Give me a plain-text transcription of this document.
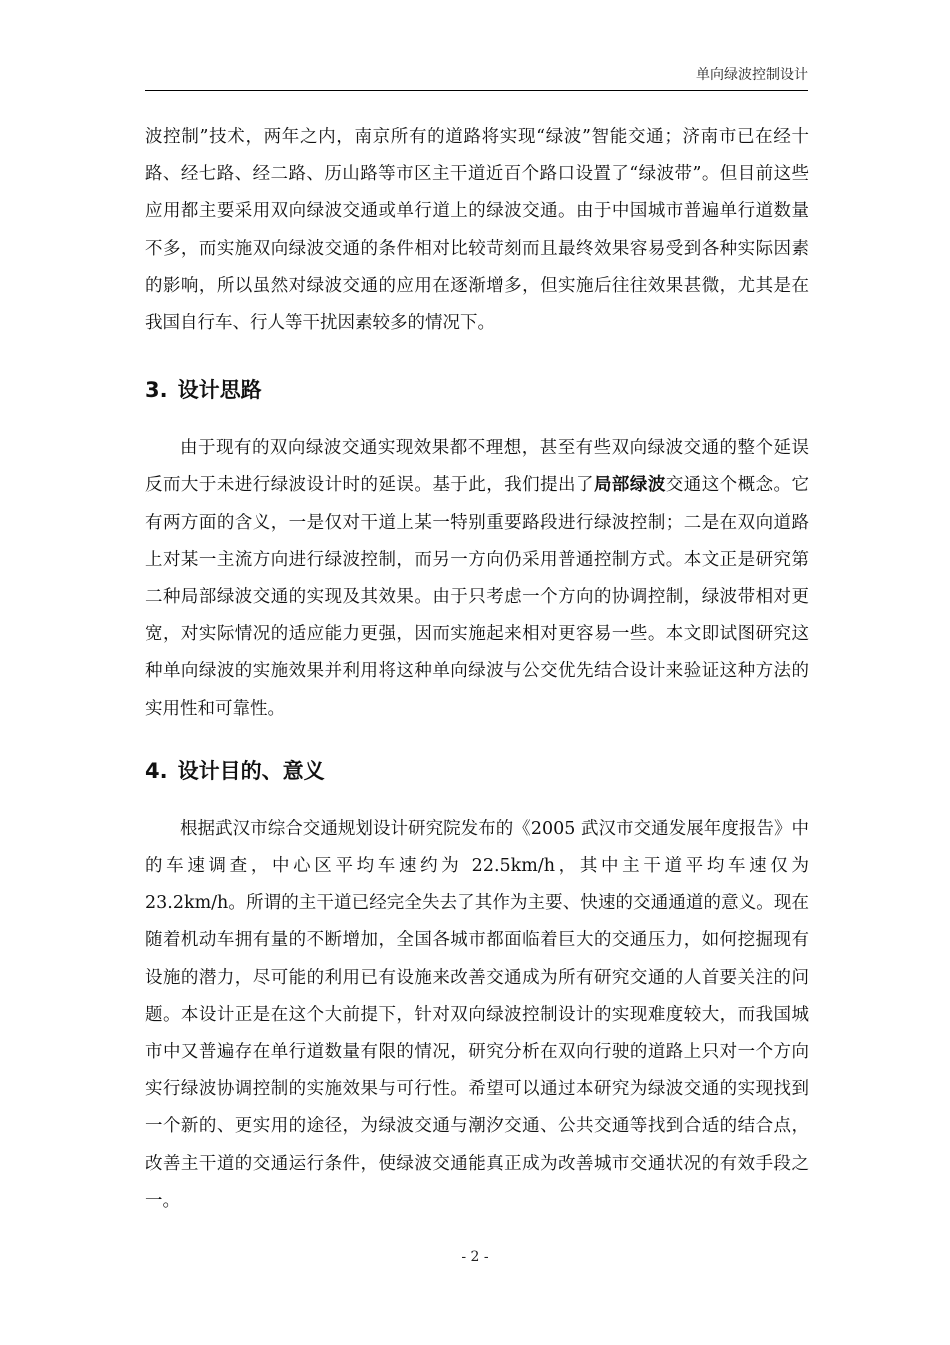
单向绿波控制设计

波控制”技术，两年之内，南京所有的道路将实现“绿波”智能交通；济南市已在经十路、经七路、经二路、历山路等市区主干道近百个路口设置了“绿波带”。但目前这些应用都主要采用双向绿波交通或单行道上的绿波交通。由于中国城市普遍单行道数量不多，而实施双向绿波交通的条件相对比较苛刻而且最终效果容易受到各种实际因素的影响，所以虽然对绿波交通的应用在逐渐增多，但实施后往往效果甚微，尤其是在我国自行车、行人等干扰因素较多的情况下。

3. 设计思路

由于现有的双向绿波交通实现效果都不理想，甚至有些双向绿波交通的整个延误反而大于未进行绿波设计时的延误。基于此，我们提出了局部绿波交通这个概念。它有两方面的含义，一是仅对干道上某一特别重要路段进行绿波控制；二是在双向道路上对某一主流方向进行绿波控制，而另一方向仍采用普通控制方式。本文正是研究第二种局部绿波交通的实现及其效果。由于只考虑一个方向的协调控制，绿波带相对更宽，对实际情况的适应能力更强，因而实施起来相对更容易一些。本文即试图研究这种单向绿波的实施效果并利用将这种单向绿波与公交优先结合设计来验证这种方法的实用性和可靠性。

4. 设计目的、意义

根据武汉市综合交通规划设计研究院发布的《2005 武汉市交通发展年度报告》中的车速调查，中心区平均车速约为 22.5km/h，其中主干道平均车速仅为 23.2km/h。所谓的主干道已经完全失去了其作为主要、快速的交通通道的意义。现在随着机动车拥有量的不断增加，全国各城市都面临着巨大的交通压力，如何挖掘现有设施的潜力，尽可能的利用已有设施来改善交通成为所有研究交通的人首要关注的问题。本设计正是在这个大前提下，针对双向绿波控制设计的实现难度较大，而我国城市中又普遍存在单行道数量有限的情况，研究分析在双向行驶的道路上只对一个方向实行绿波协调控制的实施效果与可行性。希望可以通过本研究为绿波交通的实现找到一个新的、更实用的途径，为绿波交通与潮汐交通、公共交通等找到合适的结合点，改善主干道的交通运行条件，使绿波交通能真正成为改善城市交通状况的有效手段之一。

- 2 -
